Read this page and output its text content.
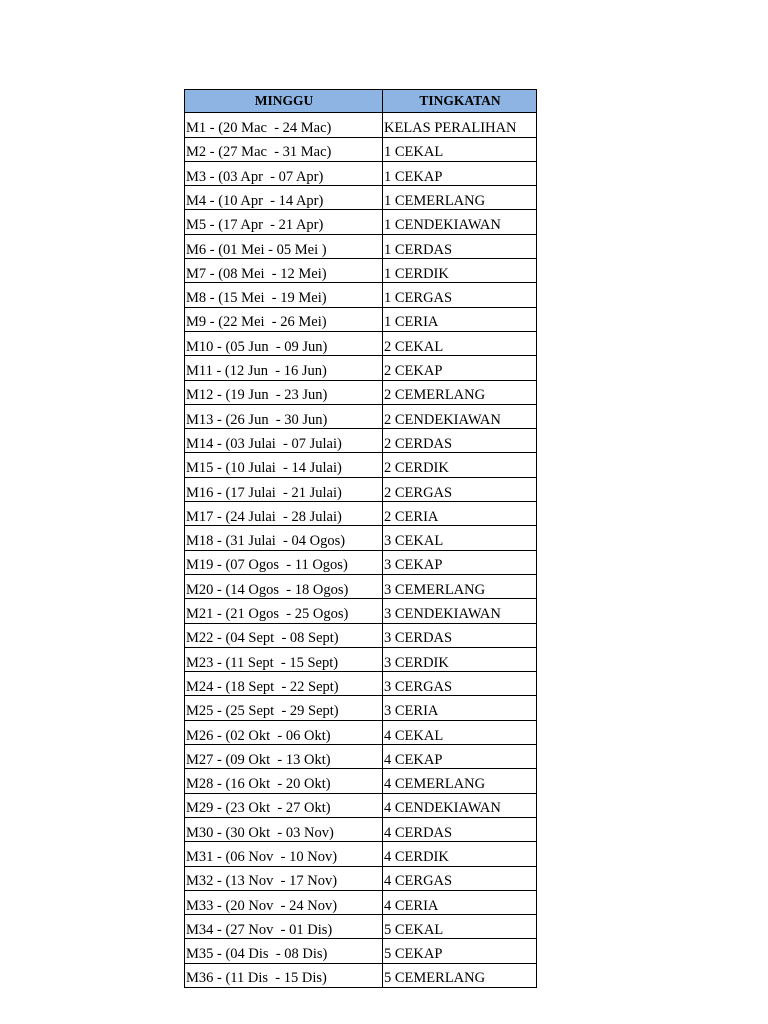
MINGGU	TINGKATAN
M1 - (20 Mac  - 24 Mac)	KELAS PERALIHAN
M2 - (27 Mac  - 31 Mac)	1 CEKAL
M3 - (03 Apr  - 07 Apr)	1 CEKAP
M4 - (10 Apr  - 14 Apr)	1 CEMERLANG
M5 - (17 Apr  - 21 Apr)	1 CENDEKIAWAN
M6 - (01 Mei - 05 Mei )	1 CERDAS
M7 - (08 Mei  - 12 Mei)	1 CERDIK
M8 - (15 Mei  - 19 Mei)	1 CERGAS
M9 - (22 Mei  - 26 Mei)	1 CERIA
M10 - (05 Jun  - 09 Jun)	2 CEKAL
M11 - (12 Jun  - 16 Jun)	2 CEKAP
M12 - (19 Jun  - 23 Jun)	2 CEMERLANG
M13 - (26 Jun  - 30 Jun)	2 CENDEKIAWAN
M14 - (03 Julai  - 07 Julai)	2 CERDAS
M15 - (10 Julai  - 14 Julai)	2 CERDIK
M16 - (17 Julai  - 21 Julai)	2 CERGAS
M17 - (24 Julai  - 28 Julai)	2 CERIA
M18 - (31 Julai  - 04 Ogos)	3 CEKAL
M19 - (07 Ogos  - 11 Ogos)	3 CEKAP
M20 - (14 Ogos  - 18 Ogos)	3 CEMERLANG
M21 - (21 Ogos  - 25 Ogos)	3 CENDEKIAWAN
M22 - (04 Sept  - 08 Sept)	3 CERDAS
M23 - (11 Sept  - 15 Sept)	3 CERDIK
M24 - (18 Sept  - 22 Sept)	3 CERGAS
M25 - (25 Sept  - 29 Sept)	3 CERIA
M26 - (02 Okt  - 06 Okt)	4 CEKAL
M27 - (09 Okt  - 13 Okt)	4 CEKAP
M28 - (16 Okt  - 20 Okt)	4 CEMERLANG
M29 - (23 Okt  - 27 Okt)	4 CENDEKIAWAN
M30 - (30 Okt  - 03 Nov)	4 CERDAS
M31 - (06 Nov  - 10 Nov)	4 CERDIK
M32 - (13 Nov  - 17 Nov)	4 CERGAS
M33 - (20 Nov  - 24 Nov)	4 CERIA
M34 - (27 Nov  - 01 Dis)	5 CEKAL
M35 - (04 Dis  - 08 Dis)	5 CEKAP
M36 - (11 Dis  - 15 Dis)	5 CEMERLANG
